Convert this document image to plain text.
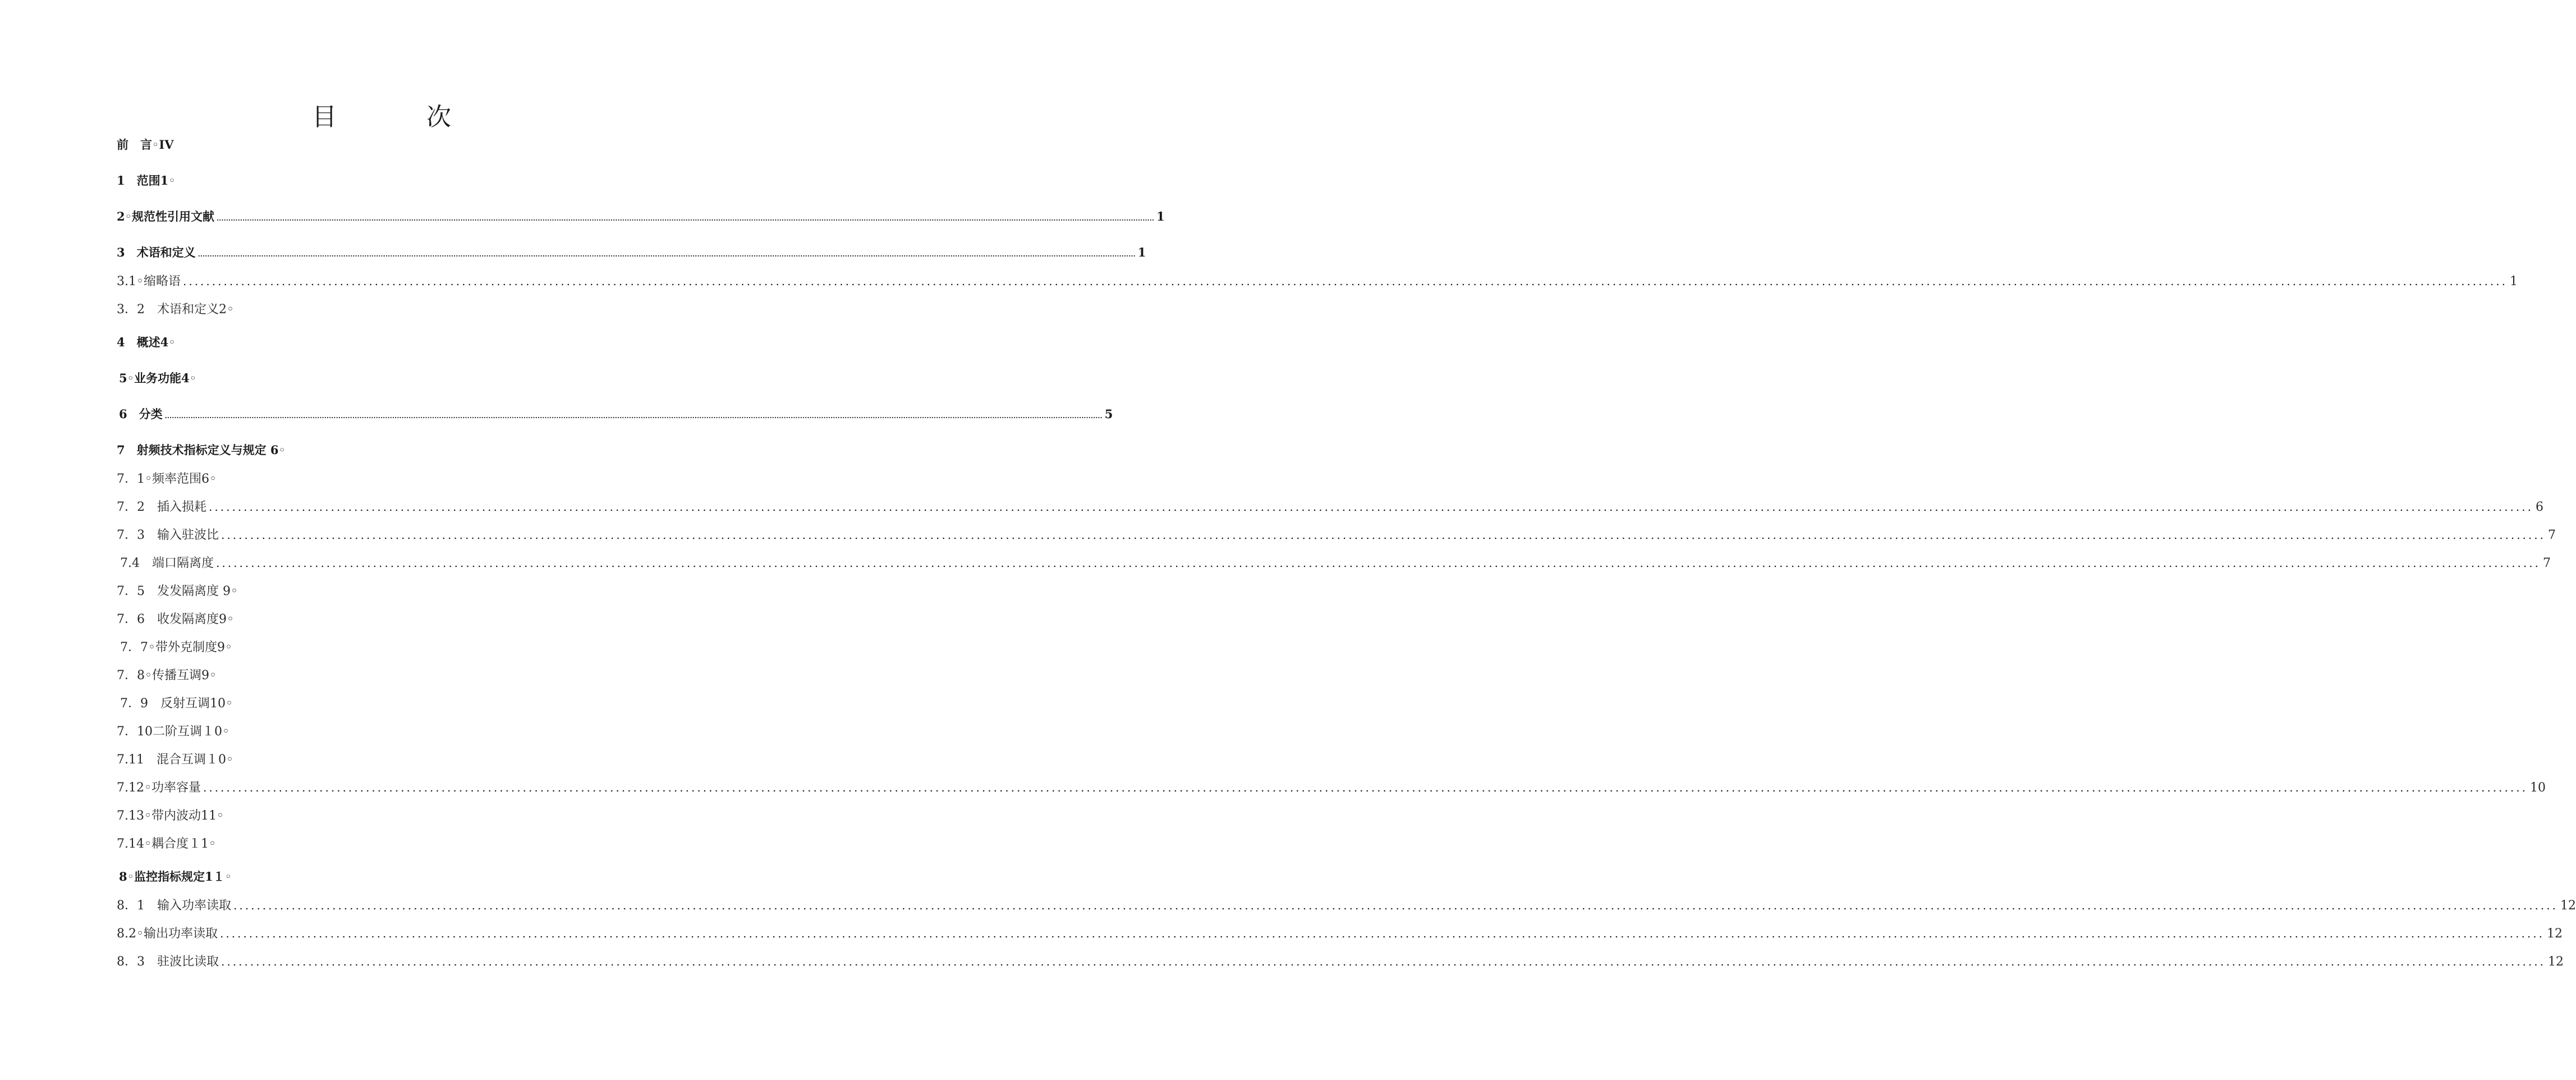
目　次
前　言 ◦IV
1 　范围1◦
2◦ 规范性引用文献 ................................................................................................................................................................................................................................................................................................................................................................................................................ 1
3 　术语和定义 ................................................................................................................................................................................................................................................................................................................................................................................................................ 1
3.1◦ 缩略语 ................................................................................................................................................................................................................................................................................................................................................................................................................ 1
3．2 　术语和定义2◦
4 　概述4◦
5◦ 业务功能4◦
6 　分类 ................................................................................................................................................................................................................................................................................................................................................................................................................ 5
7 　射频技术指标定义与规定 6◦
7．1◦ 频率范围6◦
7．2 　插入损耗 ................................................................................................................................................................................................................................................................................................................................................................................................................ 6
7．3 　输入驻波比 ................................................................................................................................................................................................................................................................................................................................................................................................................ 7
7.4 　端口隔离度 ................................................................................................................................................................................................................................................................................................................................................................................................................ 7
7．5 　发发隔离度 9◦
7．6 　收发隔离度9◦
7．7◦ 带外克制度9◦
7．8◦ 传播互调9◦
7．9 　反射互调10◦
7．10 二阶互调１0◦
7.11 　混合互调１0◦
7.12◦ 功率容量 ................................................................................................................................................................................................................................................................................................................................................................................................................ 10
7.13◦ 带内波动11◦
7.14◦ 耦合度１1◦
8◦ 监控指标规定1１◦
8．1 　输入功率读取 ................................................................................................................................................................................................................................................................................................................................................................................................................ 12
8.2◦ 输出功率读取 ................................................................................................................................................................................................................................................................................................................................................................................................................ 12
8．3 　驻波比读取 ................................................................................................................................................................................................................................................................................................................................................................................................................ 12
